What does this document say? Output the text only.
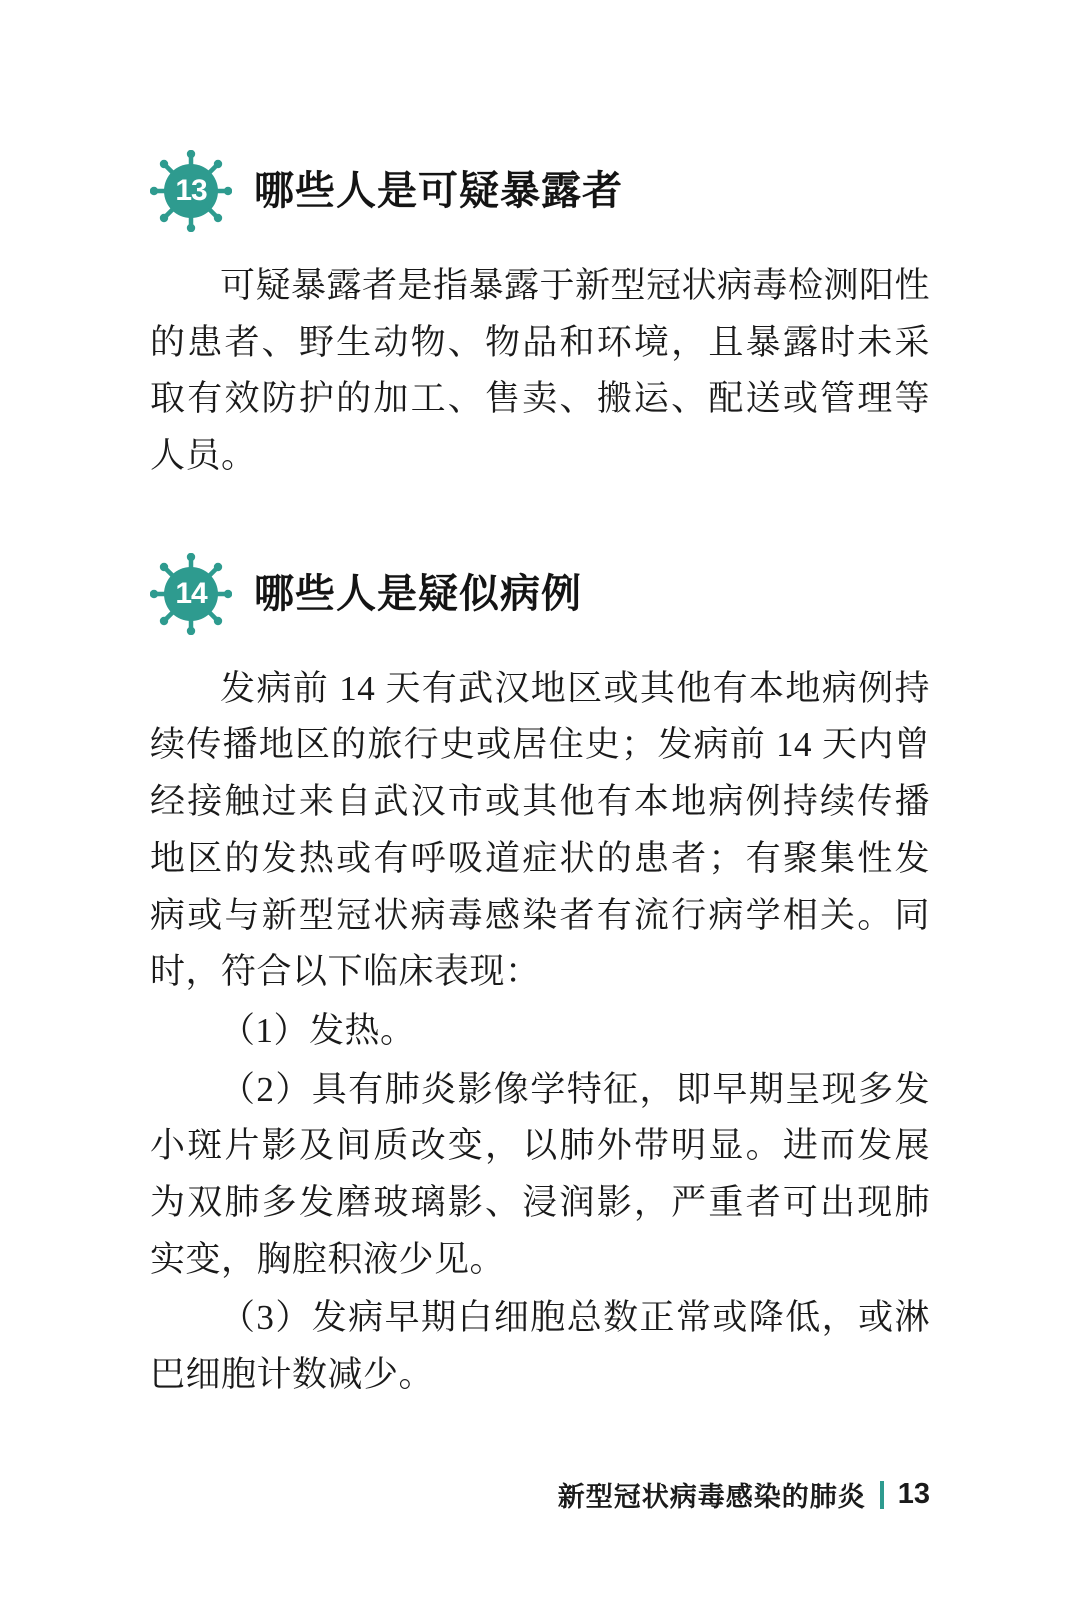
13	哪些人是可疑暴露者

可疑暴露者是指暴露于新型冠状病毒检测阳性的患者、野生动物、物品和环境，且暴露时未采取有效防护的加工、售卖、搬运、配送或管理等人员。

14	哪些人是疑似病例

发病前 14 天有武汉地区或其他有本地病例持续传播地区的旅行史或居住史；发病前 14 天内曾经接触过来自武汉市或其他有本地病例持续传播地区的发热或有呼吸道症状的患者；有聚集性发病或与新型冠状病毒感染者有流行病学相关。同时，符合以下临床表现：

（1）发热。

（2）具有肺炎影像学特征，即早期呈现多发小斑片影及间质改变，以肺外带明显。进而发展为双肺多发磨玻璃影、浸润影，严重者可出现肺实变，胸腔积液少见。

（3）发病早期白细胞总数正常或降低，或淋巴细胞计数减少。

新型冠状病毒感染的肺炎 13
